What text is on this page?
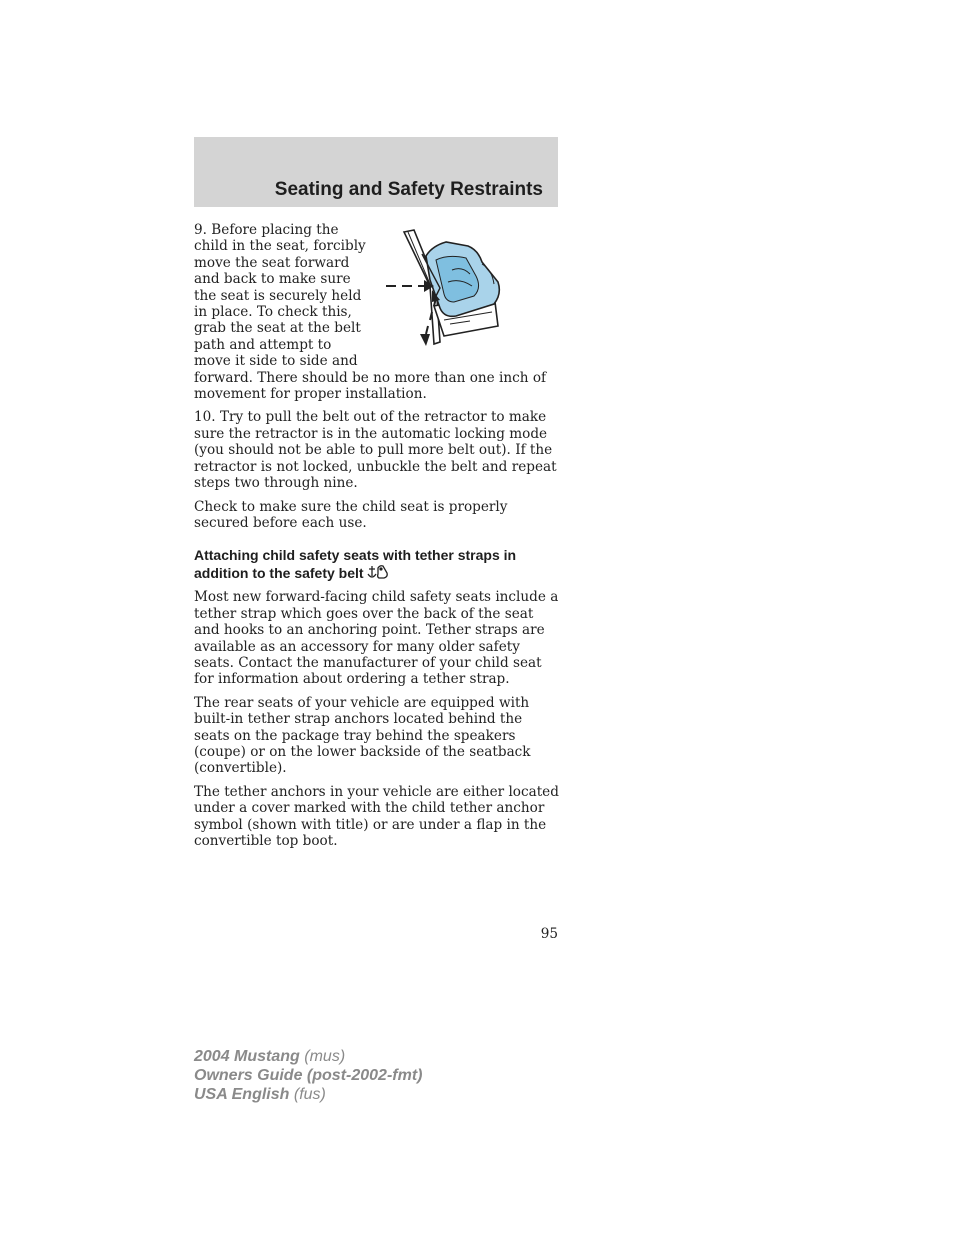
Seating and Safety Restraints

9. Before placing the child in the seat, forcibly move the seat forward and back to make sure the seat is securely held in place. To check this, grab the seat at the belt path and attempt to move it side to side and forward. There should be no more than one inch of movement for proper installation.

10. Try to pull the belt out of the retractor to make sure the retractor is in the automatic locking mode (you should not be able to pull more belt out). If the retractor is not locked, unbuckle the belt and repeat steps two through nine.

Check to make sure the child seat is properly secured before each use.

Attaching child safety seats with tether straps in addition to the safety belt

Most new forward-facing child safety seats include a tether strap which goes over the back of the seat and hooks to an anchoring point. Tether straps are available as an accessory for many older safety seats. Contact the manufacturer of your child seat for information about ordering a tether strap.

The rear seats of your vehicle are equipped with built-in tether strap anchors located behind the seats on the package tray behind the speakers (coupe) or on the lower backside of the seatback (convertible).

The tether anchors in your vehicle are either located under a cover marked with the child tether anchor symbol (shown with title) or are under a flap in the convertible top boot.

95
2004 Mustang (mus)
Owners Guide (post-2002-fmt)
USA English (fus)
